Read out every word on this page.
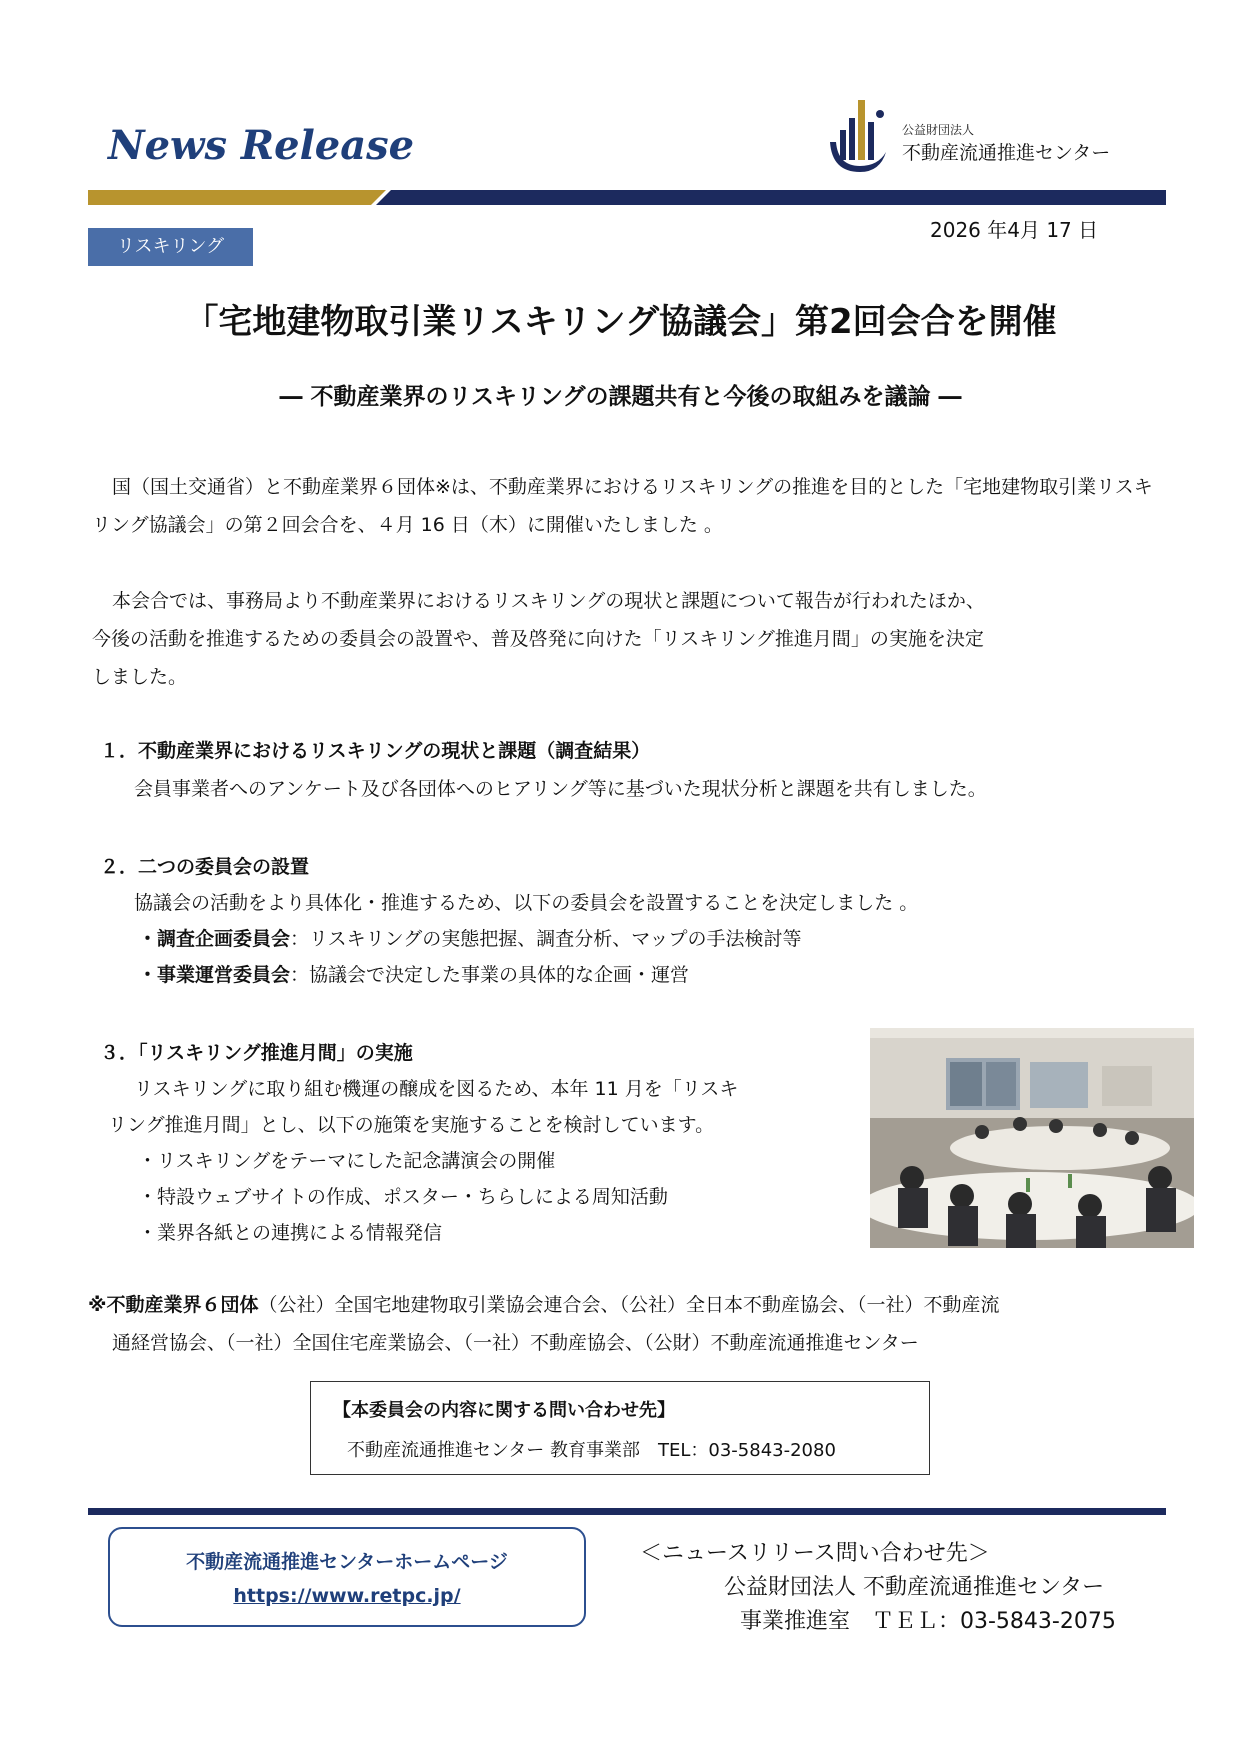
News Release	公益財団法人
不動産流通推進センター
2026 年4月 17 日
リスキリング
「宅地建物取引業リスキリング協議会」第2回会合を開催
― 不動産業界のリスキリングの課題共有と今後の取組みを議論 ―
国（国土交通省）と不動産業界６団体※は、不動産業界におけるリスキリングの推進を目的とした「宅地建物取引業リスキリング協議会」の第２回会合を、４月 16 日（木）に開催いたしました 。
本会合では、事務局より不動産業界におけるリスキリングの現状と課題について報告が行われたほか、
今後の活動を推進するための委員会の設置や、普及啓発に向けた「リスキリング推進月間」の実施を決定
しました。
１．不動産業界におけるリスキリングの現状と課題（調査結果）
会員事業者へのアンケート及び各団体へのヒアリング等に基づいた現状分析と課題を共有しました。
２．二つの委員会の設置
協議会の活動をより具体化・推進するため、以下の委員会を設置することを決定しました 。
・調査企画委員会：リスキリングの実態把握、調査分析、マップの手法検討等
・事業運営委員会：協議会で決定した事業の具体的な企画・運営
３．「リスキリング推進月間」の実施
リスキリングに取り組む機運の醸成を図るため、本年 11 月を「リスキ
リング推進月間」とし、以下の施策を実施することを検討しています。
・リスキリングをテーマにした記念講演会の開催
・特設ウェブサイトの作成、ポスター・ちらしによる周知活動
・業界各紙との連携による情報発信
※不動産業界６団体（公社）全国宅地建物取引業協会連合会、（公社）全日本不動産協会、（一社）不動産流
通経営協会、（一社）全国住宅産業協会、（一社）不動産協会、（公財）不動産流通推進センター
【本委員会の内容に関する問い合わせ先】
不動産流通推進センター 教育事業部　TEL：03-5843-2080
不動産流通推進センターホームページ
https://www.retpc.jp/
＜ニュースリリース問い合わせ先＞
公益財団法人 不動産流通推進センター
事業推進室　ＴＥＬ：03-5843-2075
